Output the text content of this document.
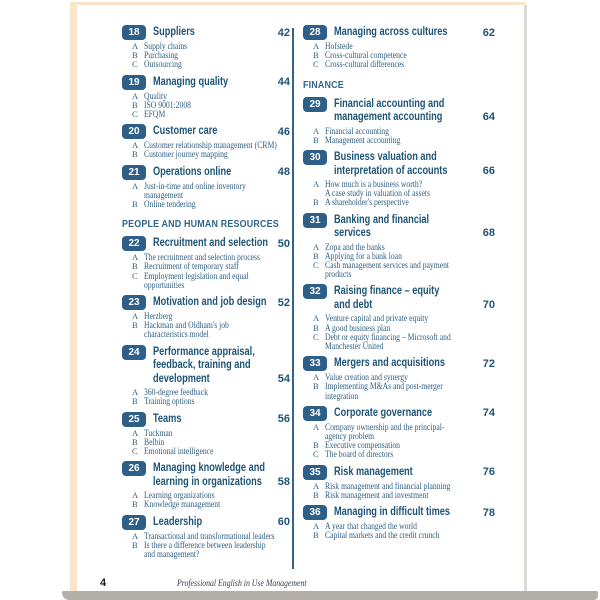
18	Suppliers	42
A Supply chains
B Purchasing
C Outsourcing
19	Managing quality	44
A Quality
B ISO 9001:2008
C EFQM
20	Customer care	46
A Customer relationship management (CRM)
B Customer journey mapping
21	Operations online	48
A Just-in-time and online inventory
management
B Online tendering
PEOPLE AND HUMAN RESOURCES
22	Recruitment and selection 50
A The recruitment and selection process
B Recruitment of temporary staff
C Employment legislation and equal
opportunities
23	Motivation and job design 52
A Herzberg
B Hackman and Oldham's job
characteristics model
24	Performance appraisal,
feedback, training and
development	54
A 360-degree feedback
B Training options
25	Teams	56
A Tuckman
B Belbin
C Emotional intelligence
26	Managing knowledge and
learning in organizations 58
A Learning organizations
B Knowledge management
27	Leadership	60
A Transactional and transformational leaders
B Is there a difference between leadership
and management?
28	Managing across cultures	62
A Hofstede
B Cross-cultural competence
C Cross-cultural differences
FINANCE
29	Financial accounting and
management accounting	64
A Financial accounting
B Management accounting
30	Business valuation and
interpretation of accounts	66
A How much is a business worth?
A case study in valuation of assets
B A shareholder's perspective
31	Banking and financial
services	68
A Zopa and the banks
B Applying for a bank loan
C Cash management services and payment
products
32	Raising finance – equity
and debt	70
A Venture capital and private equity
B A good business plan
C Debt or equity financing – Microsoft and
Manchester United
33	Mergers and acquisitions	72
A Value creation and synergy
B Implementing M&As and post-merger
integration
34	Corporate governance	74
A Company ownership and the principal-
agency problem
B Executive compensation
C The board of directors
35	Risk management	76
A Risk management and financial planning
B Risk management and investment
36	Managing in difficult times	78
A A year that changed the world
B Capital markets and the credit crunch
4	Professional English in Use Management
